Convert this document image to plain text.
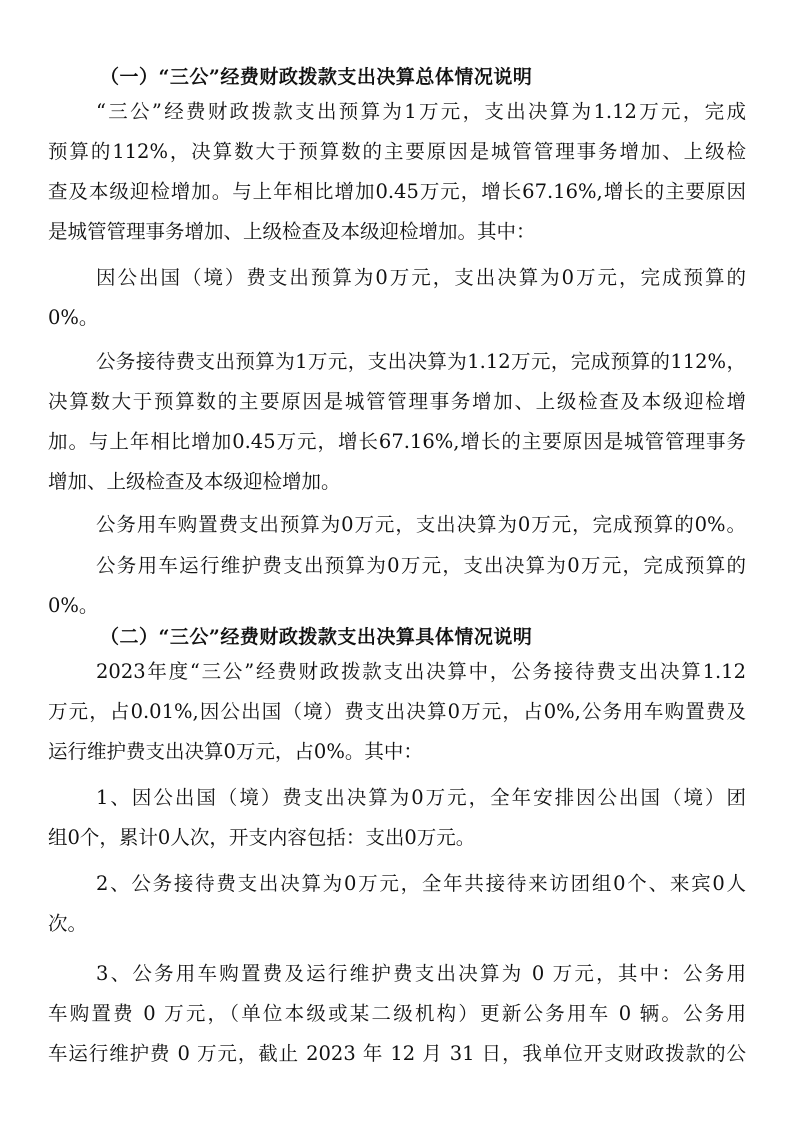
（一）“三公”经费财政拨款支出决算总体情况说明
“三公”经费财政拨款支出预算为1万元，支出决算为1.12万元，完成
预算的112%，决算数大于预算数的主要原因是城管管理事务增加、上级检
查及本级迎检增加。与上年相比增加0.45万元，增长67.16%,增长的主要原因
是城管管理事务增加、上级检查及本级迎检增加。其中：
因公出国（境）费支出预算为0万元，支出决算为0万元，完成预算的
0%。
公务接待费支出预算为1万元，支出决算为1.12万元，完成预算的112%，
决算数大于预算数的主要原因是城管管理事务增加、上级检查及本级迎检增
加。与上年相比增加0.45万元，增长67.16%,增长的主要原因是城管管理事务
增加、上级检查及本级迎检增加。
公务用车购置费支出预算为0万元，支出决算为0万元，完成预算的0%。
公务用车运行维护费支出预算为0万元，支出决算为0万元，完成预算的
0%。
（二）“三公”经费财政拨款支出决算具体情况说明
2023年度“三公”经费财政拨款支出决算中，公务接待费支出决算1.12
万元，占0.01%,因公出国（境）费支出决算0万元，占0%,公务用车购置费及
运行维护费支出决算0万元，占0%。其中：
1、因公出国（境）费支出决算为0万元，全年安排因公出国（境）团
组0个，累计0人次，开支内容包括：支出0万元。
2、公务接待费支出决算为0万元，全年共接待来访团组0个、来宾0人
次。
3、公务用车购置费及运行维护费支出决算为 0 万元，其中：公务用
车购置费 0 万元，（单位本级或某二级机构）更新公务用车 0 辆。公务用
车运行维护费 0 万元，截止 2023 年 12 月 31 日，我单位开支财政拨款的公
